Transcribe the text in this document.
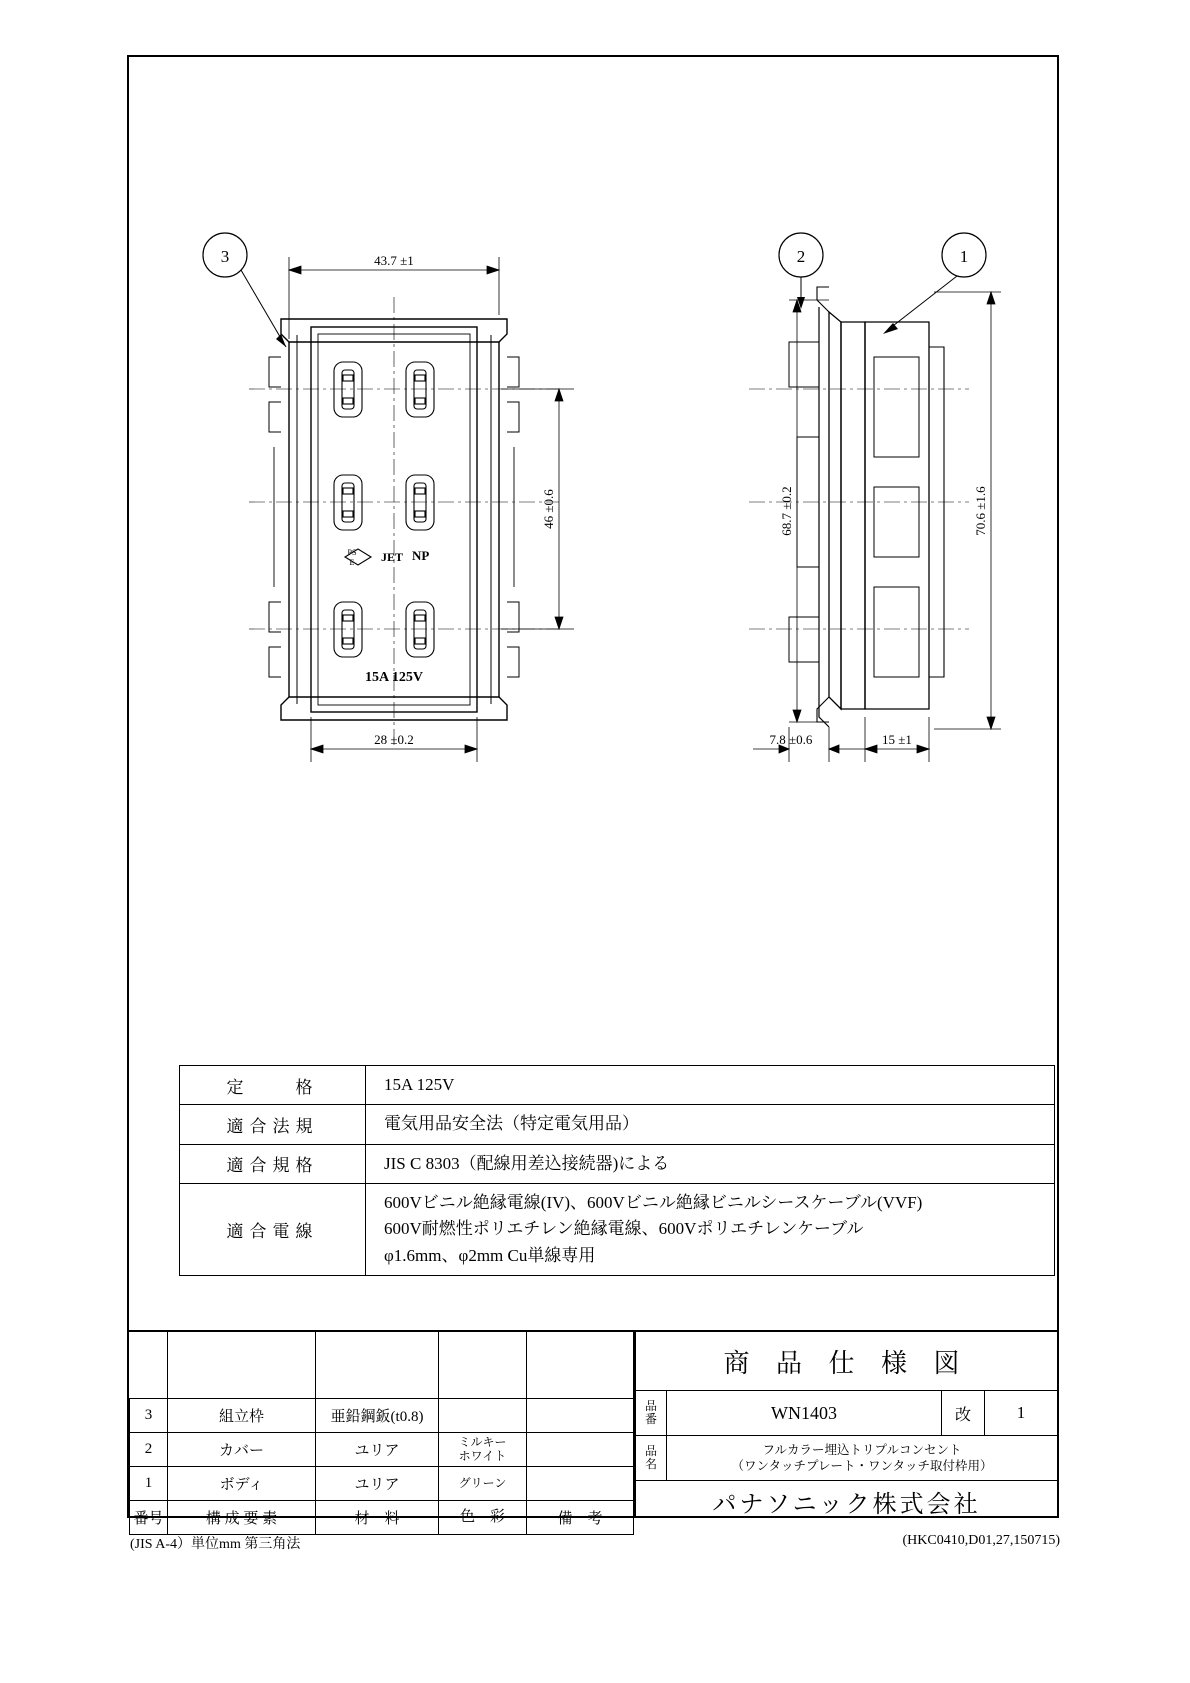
43.7 ±1
28 ±0.2
46 ±0.6	68.7 ±0.2	70.6 ±1.6
7.8 ±0.6	15 ±1
3	2	1
PS
E JET NP
15A 125V
定　　格	15A 125V

適合法規	電気用品安全法（特定電気用品）

適合規格	JIS C 8303（配線用差込接続器)による

適合電線	600Vビニル絶縁電線(IV)、600Vビニル絶縁ビニルシースケーブル(VVF)
600V耐燃性ポリエチレン絶縁電線、600Vポリエチレンケーブル
φ1.6mm、φ2mm Cu単線専用

3	組立枠	亜鉛鋼鈑(t0.8)		
2	カバー	ユリア	ミルキー
ホワイト	
1	ボディ	ユリア	グリーン	
番号	構 成 要 素	材　料	色　彩	備　考
商 品 仕 様 図
品
番	WN1403	改	1
品
名
フルカラー埋込トリプルコンセント
（ワンタッチプレート・ワンタッチ取付枠用）
パナソニック株式会社
(JIS A-4）単位mm 第三角法	(HKC0410,D01,27,150715)
